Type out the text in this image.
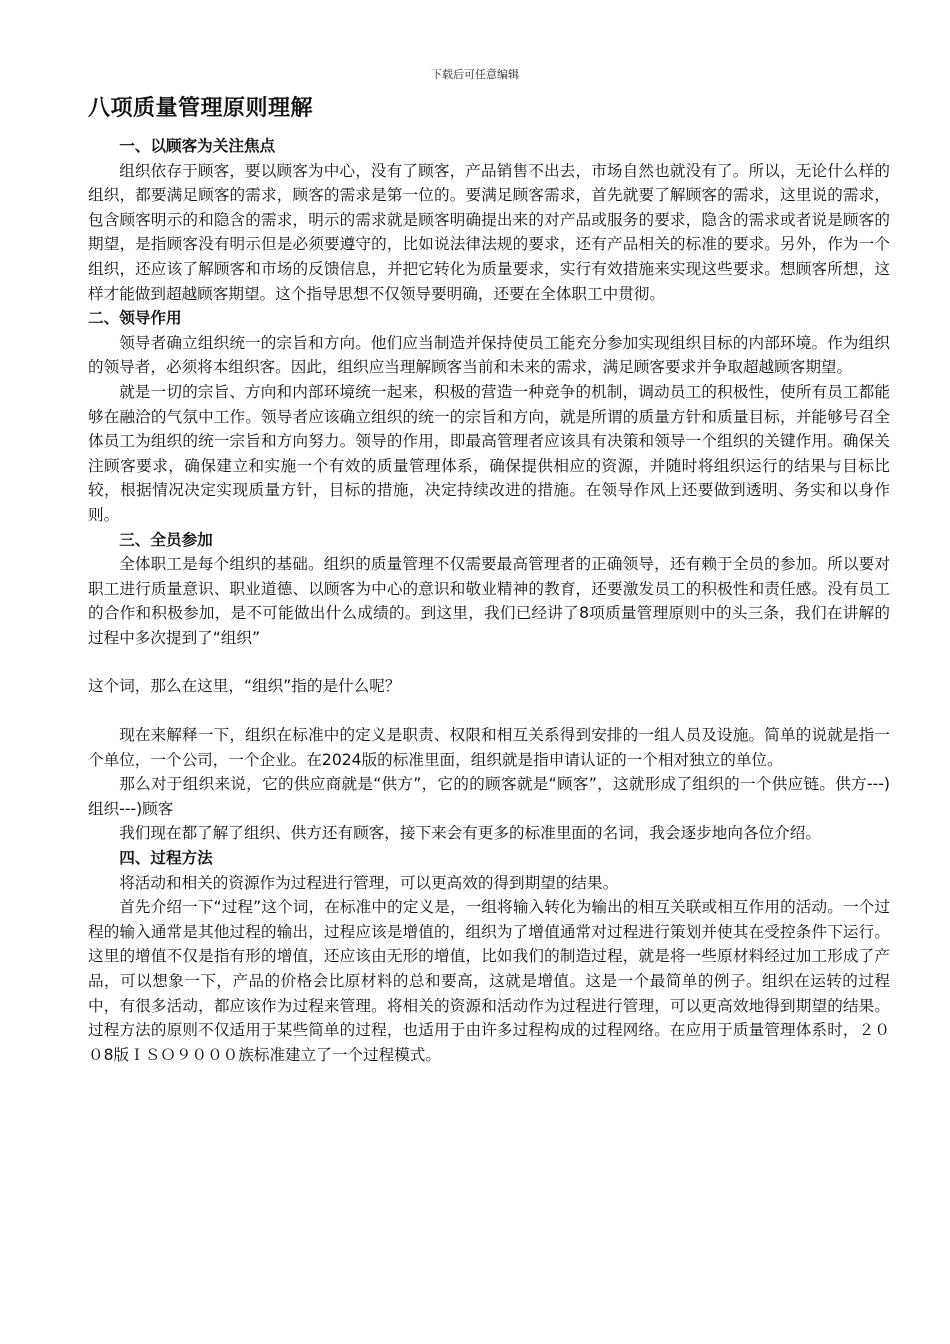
下载后可任意编辑
八项质量管理原则理解
一、以顾客为关注焦点

组织依存于顾客，要以顾客为中心，没有了顾客，产品销售不出去，市场自然也就没有了。所以，无论什么样的组织，都要满足顾客的需求，顾客的需求是第一位的。要满足顾客需求，首先就要了解顾客的需求，这里说的需求，包含顾客明示的和隐含的需求，明示的需求就是顾客明确提出来的对产品或服务的要求，隐含的需求或者说是顾客的期望，是指顾客没有明示但是必须要遵守的，比如说法律法规的要求，还有产品相关的标准的要求。另外，作为一个组织，还应该了解顾客和市场的反馈信息，并把它转化为质量要求，实行有效措施来实现这些要求。想顾客所想，这样才能做到超越顾客期望。这个指导思想不仅领导要明确，还要在全体职工中贯彻。

二、领导作用

领导者确立组织统一的宗旨和方向。他们应当制造并保持使员工能充分参加实现组织目标的内部环境。作为组织的领导者，必须将本组织客。因此，组织应当理解顾客当前和未来的需求，满足顾客要求并争取超越顾客期望。

就是一切的宗旨、方向和内部环境统一起来，积极的营造一种竞争的机制，调动员工的积极性，使所有员工都能够在融洽的气氛中工作。领导者应该确立组织的统一的宗旨和方向，就是所谓的质量方针和质量目标，并能够号召全体员工为组织的统一宗旨和方向努力。领导的作用，即最高管理者应该具有决策和领导一个组织的关键作用。确保关注顾客要求，确保建立和实施一个有效的质量管理体系，确保提供相应的资源，并随时将组织运行的结果与目标比较，根据情况决定实现质量方针，目标的措施，决定持续改进的措施。在领导作风上还要做到透明、务实和以身作则。

三、全员参加

全体职工是每个组织的基础。组织的质量管理不仅需要最高管理者的正确领导，还有赖于全员的参加。所以要对职工进行质量意识、职业道德、以顾客为中心的意识和敬业精神的教育，还要激发员工的积极性和责任感。没有员工的合作和积极参加，是不可能做出什么成绩的。到这里，我们已经讲了8项质量管理原则中的头三条，我们在讲解的过程中多次提到了“组织”

这个词，那么在这里，“组织”指的是什么呢？

现在来解释一下，组织在标准中的定义是职责、权限和相互关系得到安排的一组人员及设施。简单的说就是指一个单位，一个公司，一个企业。在2024版的标准里面，组织就是指申请认证的一个相对独立的单位。

那么对于组织来说，它的供应商就是“供方”，它的的顾客就是“顾客”，这就形成了组织的一个供应链。供方---)组织---)顾客

我们现在都了解了组织、供方还有顾客，接下来会有更多的标准里面的名词，我会逐步地向各位介绍。

四、过程方法

将活动和相关的资源作为过程进行管理，可以更高效的得到期望的结果。

首先介绍一下“过程”这个词，在标准中的定义是，一组将输入转化为输出的相互关联或相互作用的活动。一个过程的输入通常是其他过程的输出，过程应该是增值的，组织为了增值通常对过程进行策划并使其在受控条件下运行。这里的增值不仅是指有形的增值，还应该由无形的增值，比如我们的制造过程，就是将一些原材料经过加工形成了产品，可以想象一下，产品的价格会比原材料的总和要高，这就是增值。这是一个最简单的例子。组织在运转的过程中，有很多活动，都应该作为过程来管理。将相关的资源和活动作为过程进行管理，可以更高效地得到期望的结果。过程方法的原则不仅适用于某些简单的过程，也适用于由许多过程构成的过程网络。在应用于质量管理体系时，２００8版ＩＳＯ９０００族标准建立了一个过程模式。
